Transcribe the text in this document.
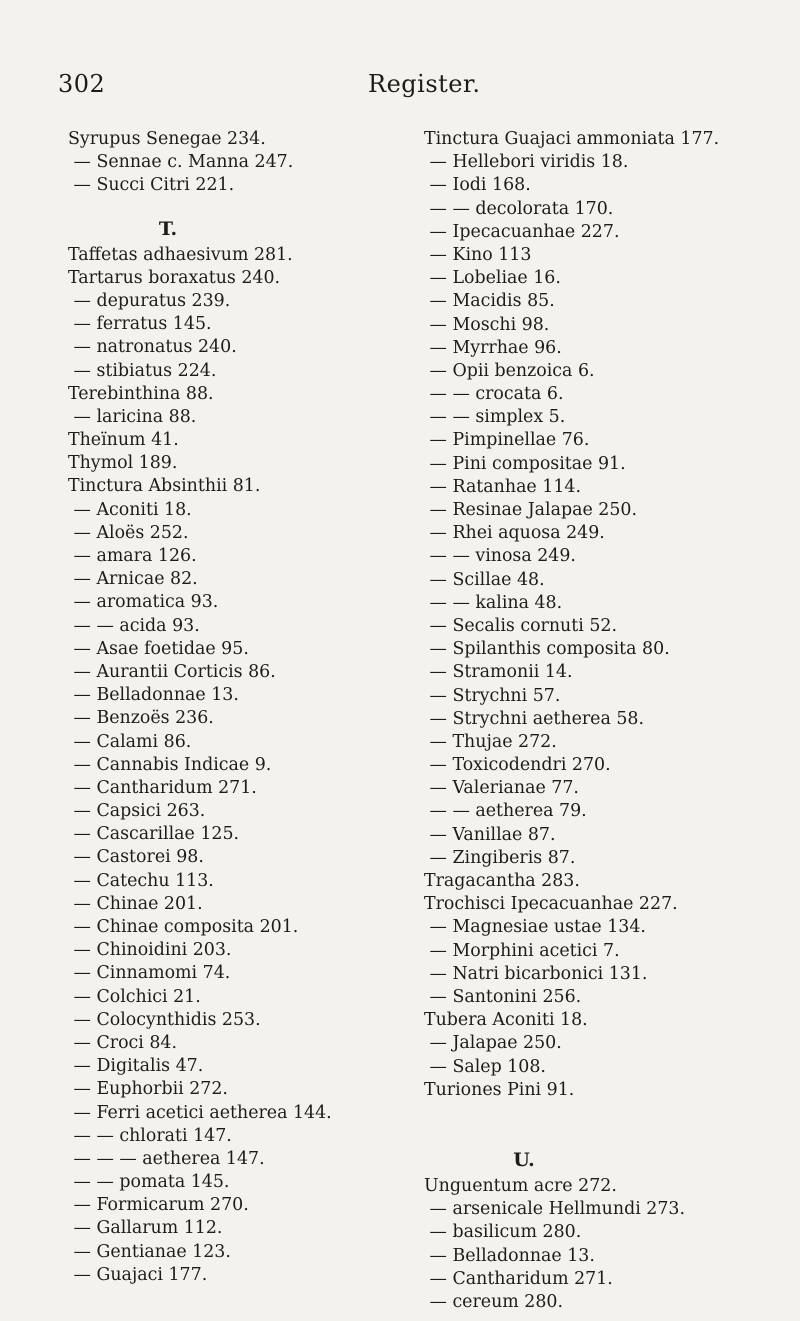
302	Register.
Syrupus Senegae 234.
— Sennae c. Manna 247.
— Succi Citri 221.
T.
Taffetas adhaesivum 281.
Tartarus boraxatus 240.
— depuratus 239.
— ferratus 145.
— natronatus 240.
— stibiatus 224.
Terebinthina 88.
— laricina 88.
Theïnum 41.
Thymol 189.
Tinctura Absinthii 81.
— Aconiti 18.
— Aloës 252.
— amara 126.
— Arnicae 82.
— aromatica 93.
— — acida 93.
— Asae foetidae 95.
— Aurantii Corticis 86.
— Belladonnae 13.
— Benzoës 236.
— Calami 86.
— Cannabis Indicae 9.
— Cantharidum 271.
— Capsici 263.
— Cascarillae 125.
— Castorei 98.
— Catechu 113.
— Chinae 201.
— Chinae composita 201.
— Chinoidini 203.
— Cinnamomi 74.
— Colchici 21.
— Colocynthidis 253.
— Croci 84.
— Digitalis 47.
— Euphorbii 272.
— Ferri acetici aetherea 144.
— — chlorati 147.
— — — aetherea 147.
— — pomata 145.
— Formicarum 270.
— Gallarum 112.
— Gentianae 123.
— Guajaci 177.
Tinctura Guajaci ammoniata 177.
— Hellebori viridis 18.
— Iodi 168.
— — decolorata 170.
— Ipecacuanhae 227.
— Kino 113
— Lobeliae 16.
— Macidis 85.
— Moschi 98.
— Myrrhae 96.
— Opii benzoica 6.
— — crocata 6.
— — simplex 5.
— Pimpinellae 76.
— Pini compositae 91.
— Ratanhae 114.
— Resinae Jalapae 250.
— Rhei aquosa 249.
— — vinosa 249.
— Scillae 48.
— — kalina 48.
— Secalis cornuti 52.
— Spilanthis composita 80.
— Stramonii 14.
— Strychni 57.
— Strychni aetherea 58.
— Thujae 272.
— Toxicodendri 270.
— Valerianae 77.
— — aetherea 79.
— Vanillae 87.
— Zingiberis 87.
Tragacantha 283.
Trochisci Ipecacuanhae 227.
— Magnesiae ustae 134.
— Morphini acetici 7.
— Natri bicarbonici 131.
— Santonini 256.
Tubera Aconiti 18.
— Jalapae 250.
— Salep 108.
Turiones Pini 91.
U.
Unguentum acre 272.
— arsenicale Hellmundi 273.
— basilicum 280.
— Belladonnae 13.
— Cantharidum 271.
— cereum 280.
